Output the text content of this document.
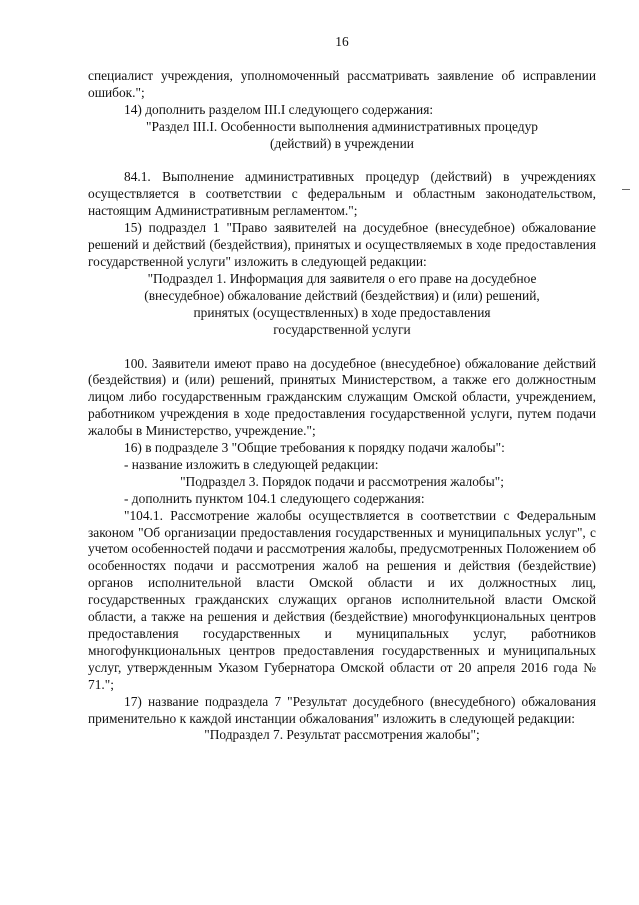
16

специалист учреждения, уполномоченный рассматривать заявление об исправлении ошибок.";

14) дополнить разделом III.I следующего содержания:

"Раздел III.I. Особенности выполнения административных процедур

(действий) в учреждении

84.1. Выполнение административных процедур (действий) в учреждениях осуществляется в соответствии с федеральным и областным законодательством, настоящим Административным регламентом.";

15) подраздел 1 "Право заявителей на досудебное (внесудебное) обжалование решений и действий (бездействия), принятых и осуществляемых в ходе предоставления государственной услуги" изложить в следующей редакции:

"Подраздел 1. Информация для заявителя о его праве на досудебное

(внесудебное) обжалование действий (бездействия) и (или) решений,

принятых (осуществленных) в ходе предоставления

государственной услуги

100. Заявители имеют право на досудебное (внесудебное) обжалование действий (бездействия) и (или) решений, принятых Министерством, а также его должностным лицом либо государственным гражданским служащим Омской области, учреждением, работником учреждения в ходе предоставления государственной услуги, путем подачи жалобы в Министерство, учреждение.";

16) в подразделе 3 "Общие требования к порядку подачи жалобы":

- название изложить в следующей редакции:

"Подраздел 3. Порядок подачи и рассмотрения жалобы";

- дополнить пунктом 104.1 следующего содержания:

"104.1. Рассмотрение жалобы осуществляется в соответствии с Федеральным законом "Об организации предоставления государственных и муниципальных услуг", с учетом особенностей подачи и рассмотрения жалобы, предусмотренных Положением об особенностях подачи и рассмотрения жалоб на решения и действия (бездействие) органов исполнительной власти Омской области и их должностных лиц, государственных гражданских служащих органов исполнительной власти Омской области, а также на решения и действия (бездействие) многофункциональных центров предоставления государственных и муниципальных услуг, работников многофункциональных центров предоставления государственных и муниципальных услуг, утвержденным Указом Губернатора Омской области от 20 апреля 2016 года № 71.";

17) название подраздела 7 "Результат досудебного (внесудебного) обжалования применительно к каждой инстанции обжалования" изложить в следующей редакции:

"Подраздел 7. Результат рассмотрения жалобы";
